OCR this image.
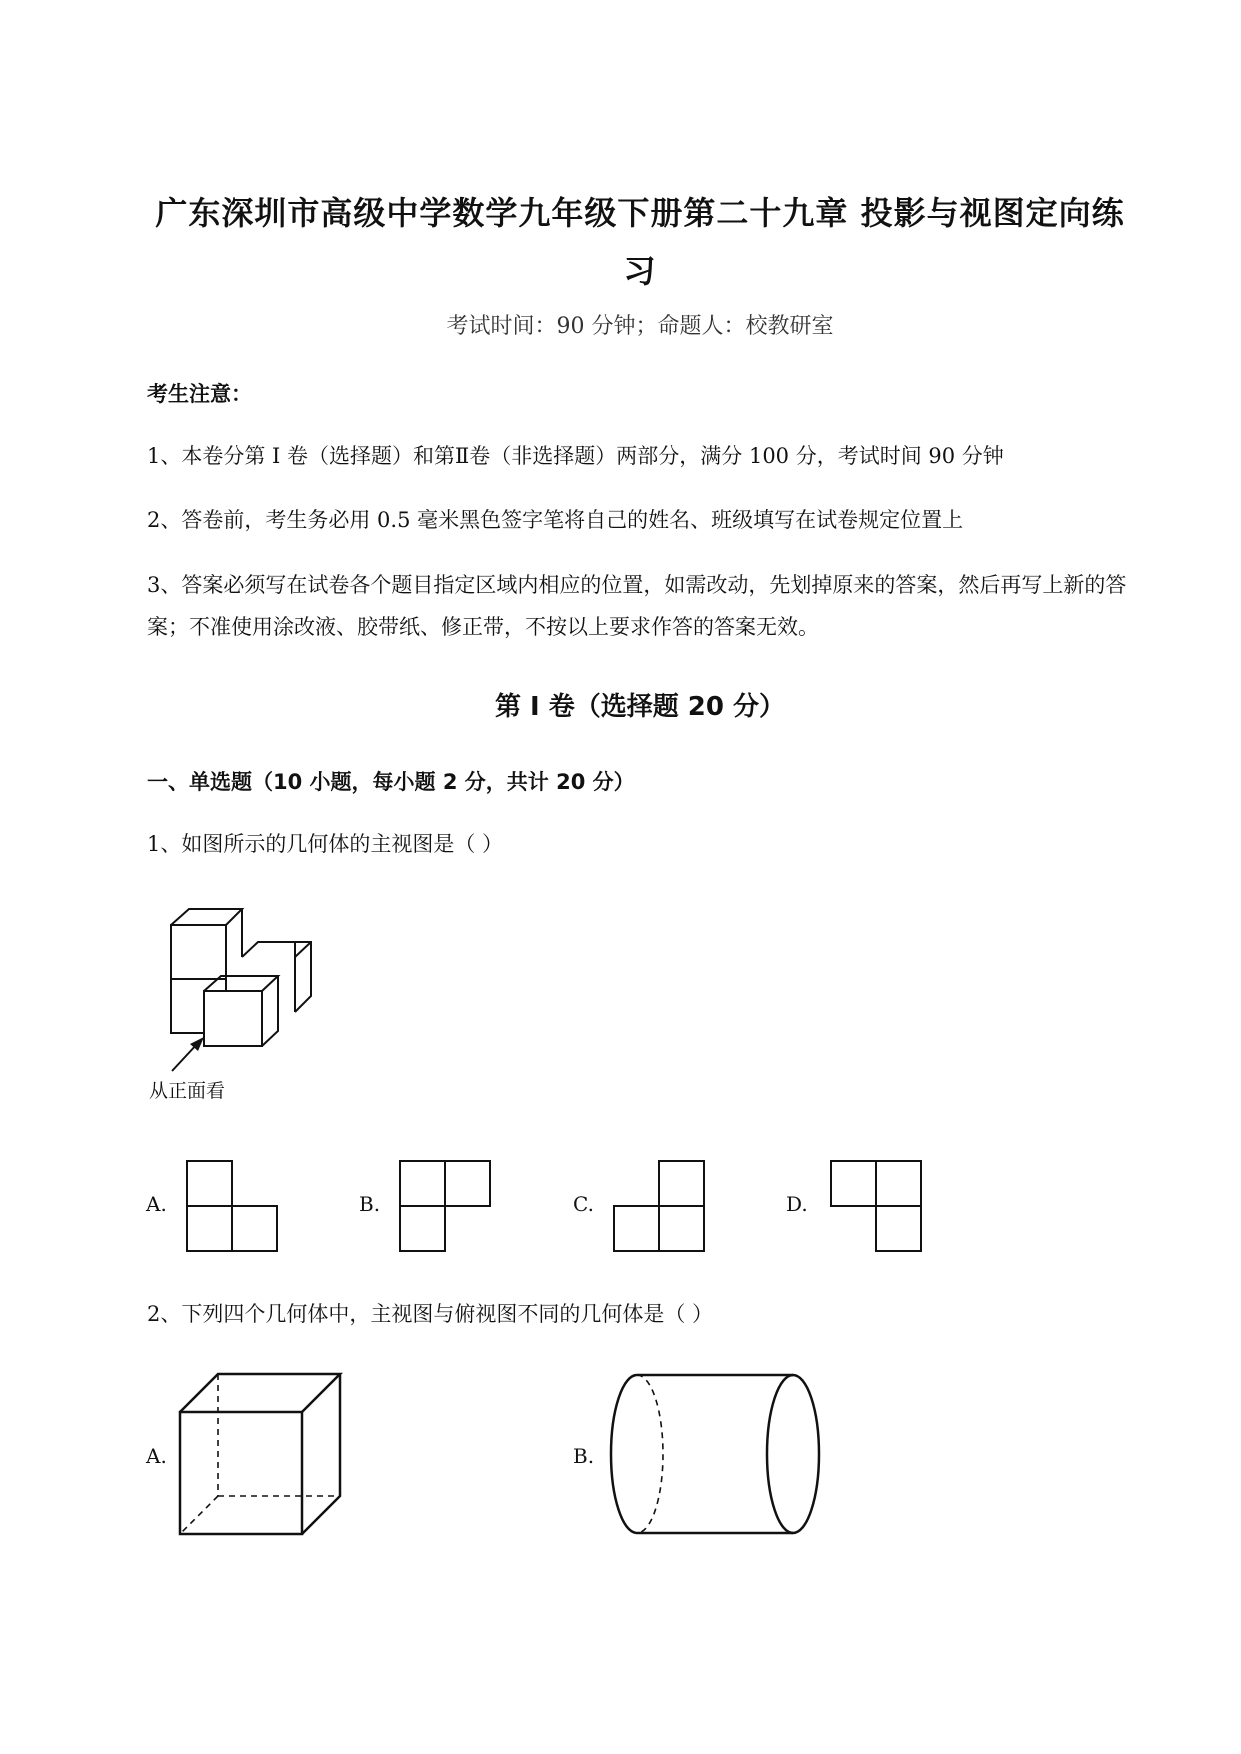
广东深圳市高级中学数学九年级下册第二十九章 投影与视图定向练
习
考试时间：90 分钟；命题人：校教研室
考生注意：
1、本卷分第 I 卷（选择题）和第Ⅱ卷（非选择题）两部分，满分 100 分，考试时间 90 分钟
2、答卷前，考生务必用 0.5 毫米黑色签字笔将自己的姓名、班级填写在试卷规定位置上
3、答案必须写在试卷各个题目指定区域内相应的位置，如需改动，先划掉原来的答案，然后再写上新的答案；不准使用涂改液、胶带纸、修正带，不按以上要求作答的答案无效。
第 I 卷（选择题 20 分）
一、单选题（10 小题，每小题 2 分，共计 20 分）
1、如图所示的几何体的主视图是（ ）
从正面看
A.	B.	C.	D.
2、下列四个几何体中，主视图与俯视图不同的几何体是（ ）
A.	B.
